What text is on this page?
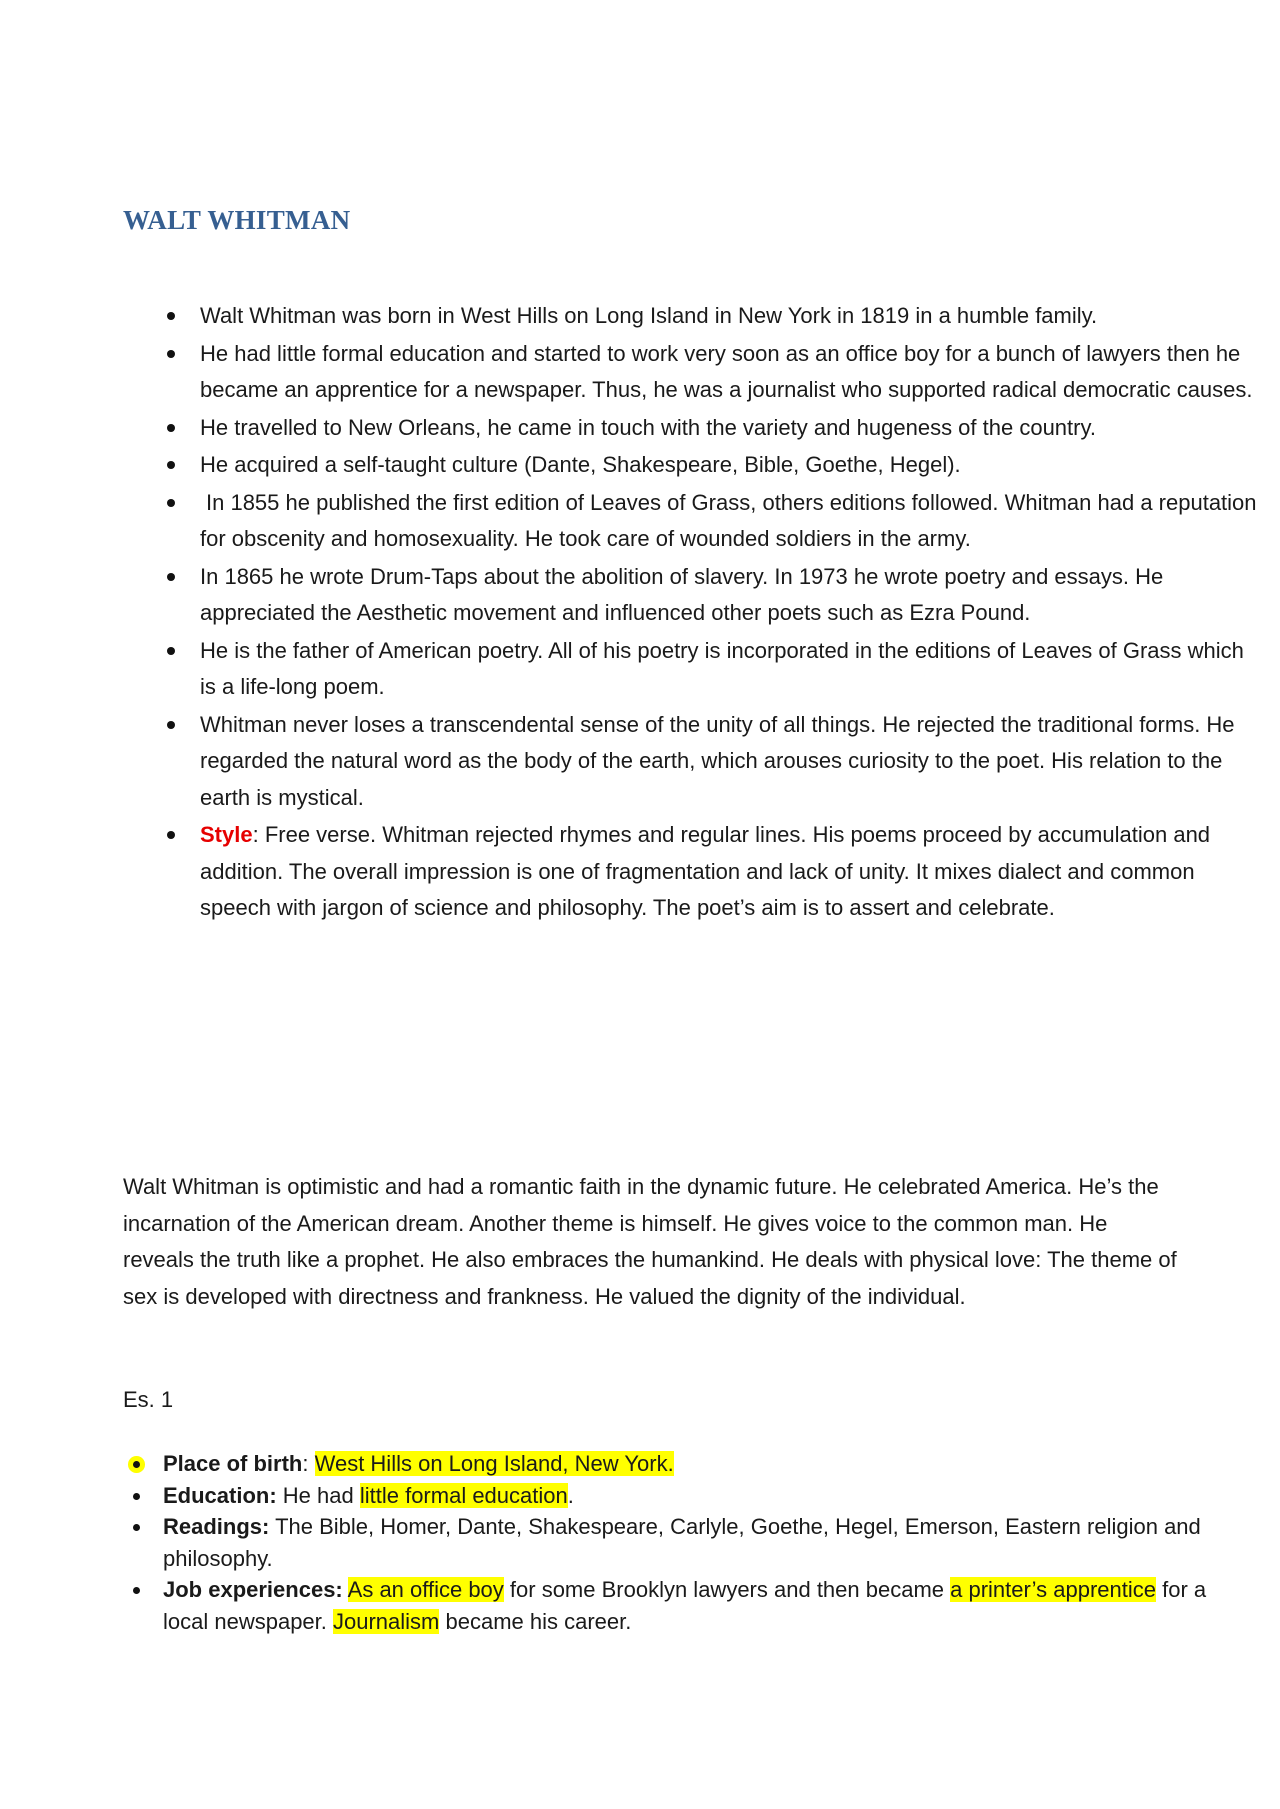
WALT WHITMAN
Walt Whitman was born in West Hills on Long Island in New York in 1819 in a humble family.
He had little formal education and started to work very soon as an office boy for a bunch of lawyers then he became an apprentice for a newspaper. Thus, he was a journalist who supported radical democratic causes.
He travelled to New Orleans, he came in touch with the variety and hugeness of the country.
He acquired a self-taught culture (Dante, Shakespeare, Bible, Goethe, Hegel).
In 1855 he published the first edition of Leaves of Grass, others editions followed. Whitman had a reputation for obscenity and homosexuality. He took care of wounded soldiers in the army.
In 1865 he wrote Drum-Taps about the abolition of slavery. In 1973 he wrote poetry and essays. He appreciated the Aesthetic movement and influenced other poets such as Ezra Pound.
He is the father of American poetry. All of his poetry is incorporated in the editions of Leaves of Grass which is a life-long poem.
Whitman never loses a transcendental sense of the unity of all things. He rejected the traditional forms. He regarded the natural word as the body of the earth, which arouses curiosity to the poet. His relation to the earth is mystical.
Style: Free verse. Whitman rejected rhymes and regular lines. His poems proceed by accumulation and addition. The overall impression is one of fragmentation and lack of unity. It mixes dialect and common speech with jargon of science and philosophy. The poet’s aim is to assert and celebrate.

Walt Whitman is optimistic and had a romantic faith in the dynamic future. He celebrated America. He’s the incarnation of the American dream. Another theme is himself. He gives voice to the common man. He reveals the truth like a prophet. He also embraces the humankind. He deals with physical love: The theme of sex is developed with directness and frankness. He valued the dignity of the individual.

Es. 1

Place of birth: West Hills on Long Island, New York.
Education: He had little formal education.
Readings: The Bible, Homer, Dante, Shakespeare, Carlyle, Goethe, Hegel, Emerson, Eastern religion and philosophy.
Job experiences: As an office boy for some Brooklyn lawyers and then became a printer’s apprentice for a local newspaper. Journalism became his career.
